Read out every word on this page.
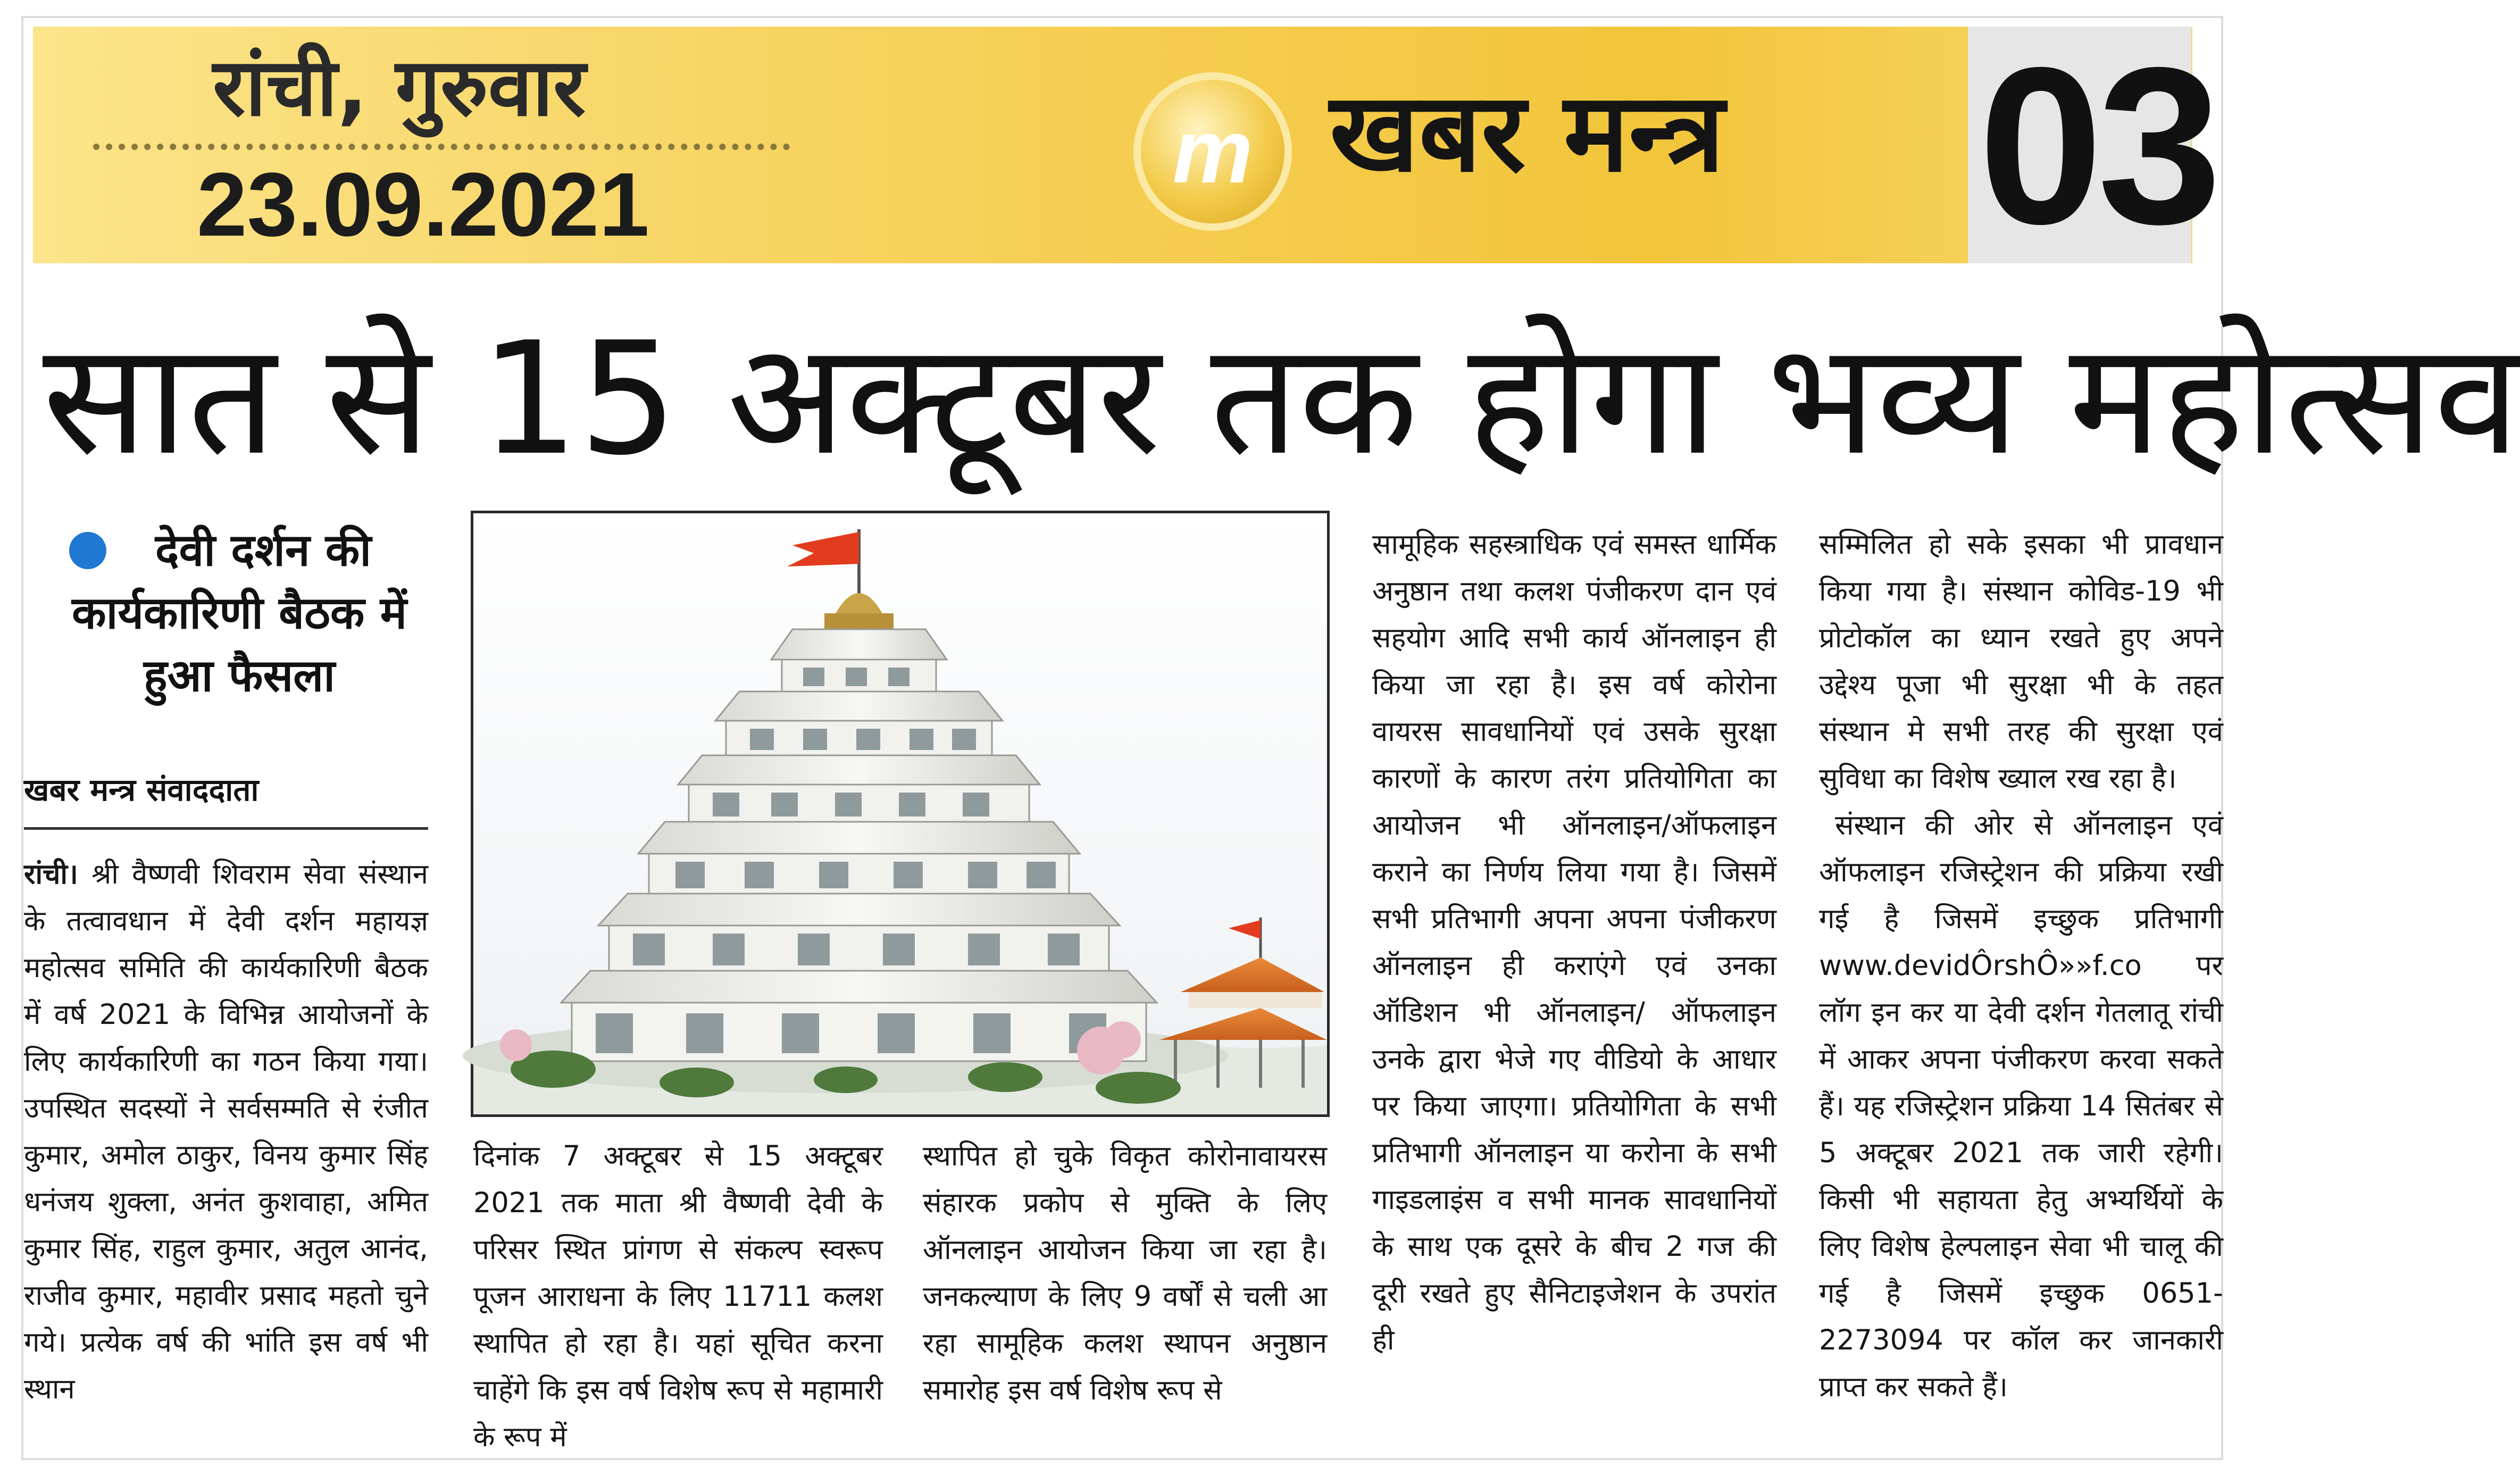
03
रांची, गुरुवार
23.09.2021
m खबर मन्त्र
सात से 15 अक्टूबर तक होगा भव्य महोत्सव
देवी दर्शन की कार्यकारिणी बैठक में हुआ फैसला
खबर मन्त्र संवाददाता

रांची। श्री वैष्णवी शिवराम सेवा संस्थान के तत्वावधान में देवी दर्शन महायज्ञ महोत्सव समिति की कार्यकारिणी बैठक में वर्ष 2021 के विभिन्न आयोजनों के लिए कार्यकारिणी का गठन किया गया। उपस्थित सदस्यों ने सर्वसम्मति से रंजीत कुमार, अमोल ठाकुर, विनय कुमार सिंह धनंजय शुक्ला, अनंत कुशवाहा, अमित कुमार सिंह, राहुल कुमार, अतुल आनंद, राजीव कुमार, महावीर प्रसाद महतो चुने गये। प्रत्येक वर्ष की भांति इस वर्ष भी स्थान

दिनांक 7 अक्टूबर से 15 अक्टूबर 2021 तक माता श्री वैष्णवी देवी के परिसर स्थित प्रांगण से संकल्प स्वरूप पूजन आराधना के लिए 11711 कलश स्थापित हो रहा है। यहां सूचित करना चाहेंगे कि इस वर्ष विशेष रूप से महामारी के रूप में

स्थापित हो चुके विकृत कोरोनावायरस संहारक प्रकोप से मुक्ति के लिए ऑनलाइन आयोजन किया जा रहा है। जनकल्याण के लिए 9 वर्षों से चली आ रहा सामूहिक कलश स्थापन अनुष्ठान समारोह इस वर्ष विशेष रूप से

सामूहिक सहस्त्राधिक एवं समस्त धार्मिक अनुष्ठान तथा कलश पंजीकरण दान एवं सहयोग आदि सभी कार्य ऑनलाइन ही किया जा रहा है। इस वर्ष कोरोना वायरस सावधानियों एवं उसके सुरक्षा कारणों के कारण तरंग प्रतियोगिता का आयोजन भी ऑनलाइन/ऑफलाइन कराने का निर्णय लिया गया है। जिसमें सभी प्रतिभागी अपना अपना पंजीकरण ऑनलाइन ही कराएंगे एवं उनका ऑडिशन भी ऑनलाइन/ ऑफलाइन उनके द्वारा भेजे गए वीडियो के आधार पर किया जाएगा। प्रतियोगिता के सभी प्रतिभागी ऑनलाइन या करोना के सभी गाइडलाइंस व सभी मानक सावधानियों के साथ एक दूसरे के बीच 2 गज की दूरी रखते हुए सैनिटाइजेशन के उपरांत ही

सम्मिलित हो सके इसका भी प्रावधान किया गया है। संस्थान कोविड-19 भी प्रोटोकॉल का ध्यान रखते हुए अपने उद्देश्य पूजा भी सुरक्षा भी के तहत संस्थान मे सभी तरह की सुरक्षा एवं सुविधा का विशेष ख्याल रख रहा है।

संस्थान की ओर से ऑनलाइन एवं ऑफलाइन रजिस्ट्रेशन की प्रक्रिया रखी गई है जिसमें इच्छुक प्रतिभागी www.devidÔrshÔ»»f.co पर लॉग इन कर या देवी दर्शन गेतलातू रांची में आकर अपना पंजीकरण करवा सकते हैं। यह रजिस्ट्रेशन प्रक्रिया 14 सितंबर से 5 अक्टूबर 2021 तक जारी रहेगी। किसी भी सहायता हेतु अभ्यर्थियों के लिए विशेष हेल्पलाइन सेवा भी चालू की गई है जिसमें इच्छुक 0651-2273094 पर कॉल कर जानकारी प्राप्त कर सकते हैं।
